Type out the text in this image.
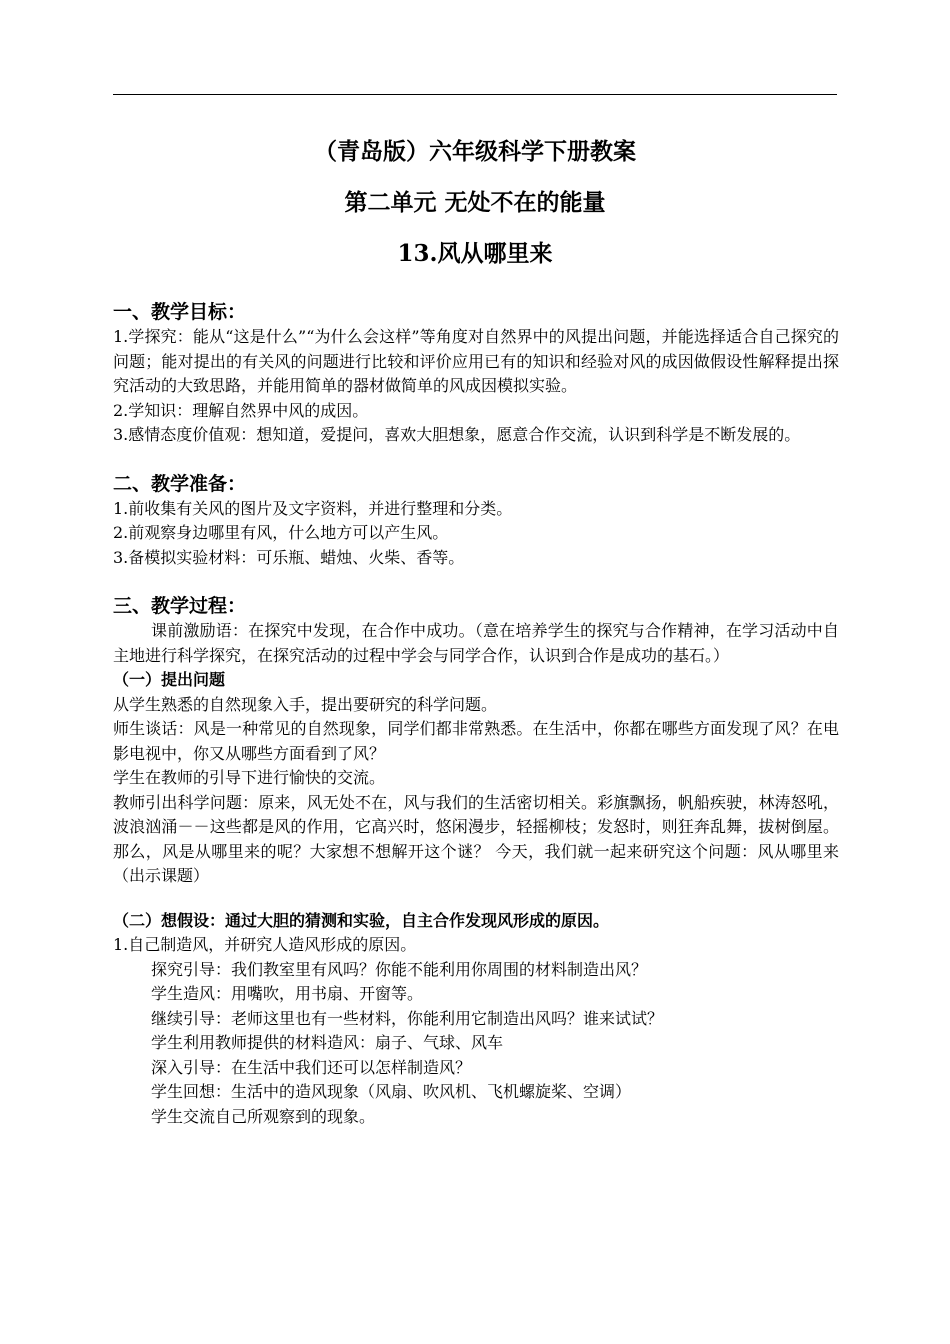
（青岛版）六年级科学下册教案
第二单元 无处不在的能量
13.风从哪里来
一、教学目标：
1.学探究：能从“这是什么”“为什么会这样”等角度对自然界中的风提出问题，并能选择适合自己探究的问题；能对提出的有关风的问题进行比较和评价应用已有的知识和经验对风的成因做假设性解释提出探究活动的大致思路，并能用简单的器材做简单的风成因模拟实验。
2.学知识：理解自然界中风的成因。
3.感情态度价值观：想知道，爱提问，喜欢大胆想象，愿意合作交流，认识到科学是不断发展的。
二、教学准备：
1.前收集有关风的图片及文字资料，并进行整理和分类。
2.前观察身边哪里有风，什么地方可以产生风。
3.备模拟实验材料：可乐瓶、蜡烛、火柴、香等。
三、教学过程：
课前激励语：在探究中发现，在合作中成功。（意在培养学生的探究与合作精神，在学习活动中自主地进行科学探究，在探究活动的过程中学会与同学合作，认识到合作是成功的基石。）
（一）提出问题
从学生熟悉的自然现象入手，提出要研究的科学问题。
师生谈话：风是一种常见的自然现象，同学们都非常熟悉。在生活中，你都在哪些方面发现了风？在电影电视中，你又从哪些方面看到了风？
学生在教师的引导下进行愉快的交流。
教师引出科学问题：原来，风无处不在，风与我们的生活密切相关。彩旗飘扬，帆船疾驶，林涛怒吼，波浪汹涌－－这些都是风的作用，它高兴时，悠闲漫步，轻摇柳枝；发怒时，则狂奔乱舞，拔树倒屋。那么，风是从哪里来的呢？大家想不想解开这个谜？ 今天，我们就一起来研究这个问题：风从哪里来（出示课题）
（二）想假设：通过大胆的猜测和实验，自主合作发现风形成的原因。
1.自己制造风，并研究人造风形成的原因。
探究引导：我们教室里有风吗？你能不能利用你周围的材料制造出风？
学生造风：用嘴吹，用书扇、开窗等。
继续引导：老师这里也有一些材料，你能利用它制造出风吗？谁来试试？
学生利用教师提供的材料造风：扇子、气球、风车
深入引导：在生活中我们还可以怎样制造风？
学生回想：生活中的造风现象（风扇、吹风机、飞机螺旋桨、空调）
学生交流自己所观察到的现象。
